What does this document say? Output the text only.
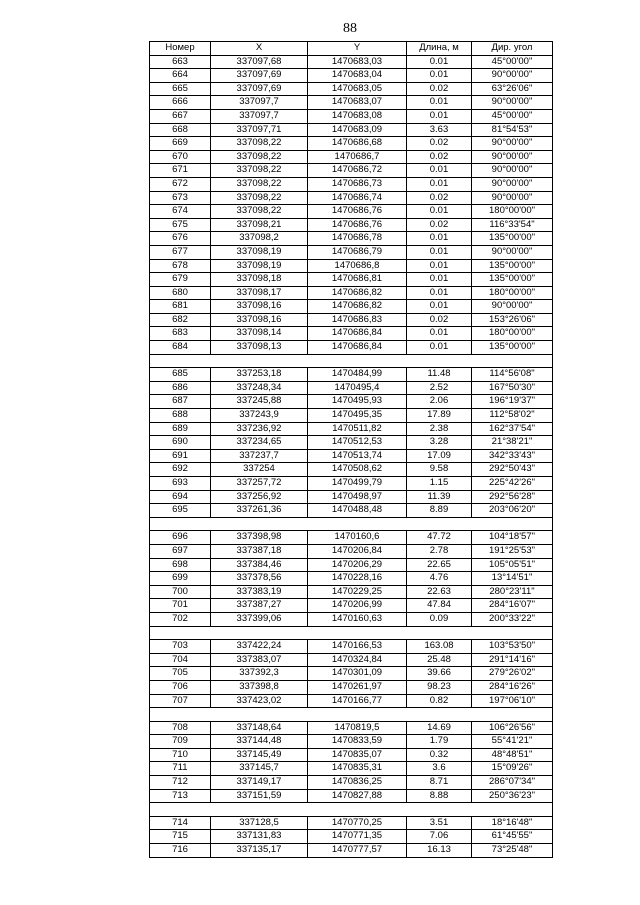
88
Номер	X	Y	Длина, м	Дир. угол
663	337097,68	1470683,03	0.01	45°00'00"
664	337097,69	1470683,04	0.01	90°00'00"
665	337097,69	1470683,05	0.02	63°26'06"
666	337097,7	1470683,07	0.01	90°00'00"
667	337097,7	1470683,08	0.01	45°00'00"
668	337097,71	1470683,09	3.63	81°54'53"
669	337098,22	1470686,68	0.02	90°00'00"
670	337098,22	1470686,7	0.02	90°00'00"
671	337098,22	1470686,72	0.01	90°00'00"
672	337098,22	1470686,73	0.01	90°00'00"
673	337098,22	1470686,74	0.02	90°00'00"
674	337098,22	1470686,76	0.01	180°00'00"
675	337098,21	1470686,76	0.02	116°33'54"
676	337098,2	1470686,78	0.01	135°00'00"
677	337098,19	1470686,79	0.01	90°00'00"
678	337098,19	1470686,8	0.01	135°00'00"
679	337098,18	1470686,81	0.01	135°00'00"
680	337098,17	1470686,82	0.01	180°00'00"
681	337098,16	1470686,82	0.01	90°00'00"
682	337098,16	1470686,83	0.02	153°26'06"
683	337098,14	1470686,84	0.01	180°00'00"
684	337098,13	1470686,84	0.01	135°00'00"

685	337253,18	1470484,99	11.48	114°56'08"
686	337248,34	1470495,4	2.52	167°50'30"
687	337245,88	1470495,93	2.06	196°19'37"
688	337243,9	1470495,35	17.89	112°58'02"
689	337236,92	1470511,82	2.38	162°37'54"
690	337234,65	1470512,53	3.28	21°38'21"
691	337237,7	1470513,74	17.09	342°33'43"
692	337254	1470508,62	9.58	292°50'43"
693	337257,72	1470499,79	1.15	225°42'26"
694	337256,92	1470498,97	11.39	292°56'28"
695	337261,36	1470488,48	8.89	203°06'20"

696	337398,98	1470160,6	47.72	104°18'57"
697	337387,18	1470206,84	2.78	191°25'53"
698	337384,46	1470206,29	22.65	105°05'51"
699	337378,56	1470228,16	4.76	13°14'51"
700	337383,19	1470229,25	22.63	280°23'11"
701	337387,27	1470206,99	47.84	284°16'07"
702	337399,06	1470160,63	0.09	200°33'22"

703	337422,24	1470166,53	163.08	103°53'50"
704	337383,07	1470324,84	25.48	291°14'16"
705	337392,3	1470301,09	39.66	279°26'02"
706	337398,8	1470261,97	98.23	284°16'26"
707	337423,02	1470166,77	0.82	197°06'10"

708	337148,64	1470819,5	14.69	106°26'56"
709	337144,48	1470833,59	1.79	55°41'21"
710	337145,49	1470835,07	0.32	48°48'51"
711	337145,7	1470835,31	3.6	15°09'26"
712	337149,17	1470836,25	8.71	286°07'34"
713	337151,59	1470827,88	8.88	250°36'23"

714	337128,5	1470770,25	3.51	18°16'48"
715	337131,83	1470771,35	7.06	61°45'55"
716	337135,17	1470777,57	16.13	73°25'48"
